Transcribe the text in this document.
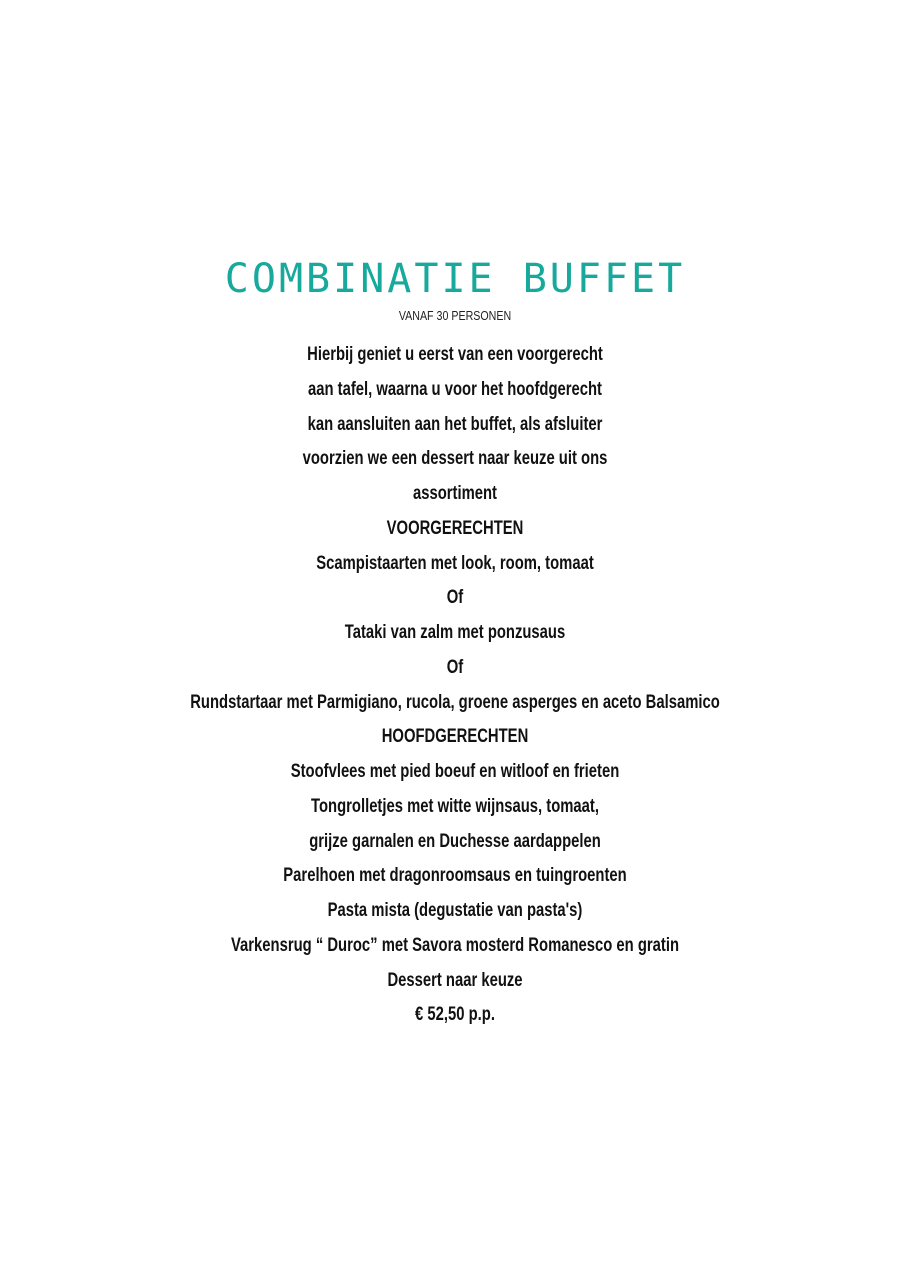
COMBINATIE BUFFET
VANAF 30 PERSONEN
Hierbij geniet u eerst van een voorgerecht
aan tafel, waarna u voor het hoofdgerecht
kan aansluiten aan het buffet, als afsluiter
voorzien we een dessert naar keuze uit ons
assortiment
VOORGERECHTEN
Scampistaarten met look, room, tomaat
Of
Tataki van zalm met ponzusaus
Of
Rundstartaar met Parmigiano, rucola, groene asperges en aceto Balsamico
HOOFDGERECHTEN
Stoofvlees met pied boeuf en witloof en frieten
Tongrolletjes met witte wijnsaus, tomaat,
grijze garnalen en Duchesse aardappelen
Parelhoen met dragonroomsaus en tuingroenten
Pasta mista (degustatie van pasta's)
Varkensrug “ Duroc” met Savora mosterd Romanesco en gratin
Dessert naar keuze
€ 52,50 p.p.
